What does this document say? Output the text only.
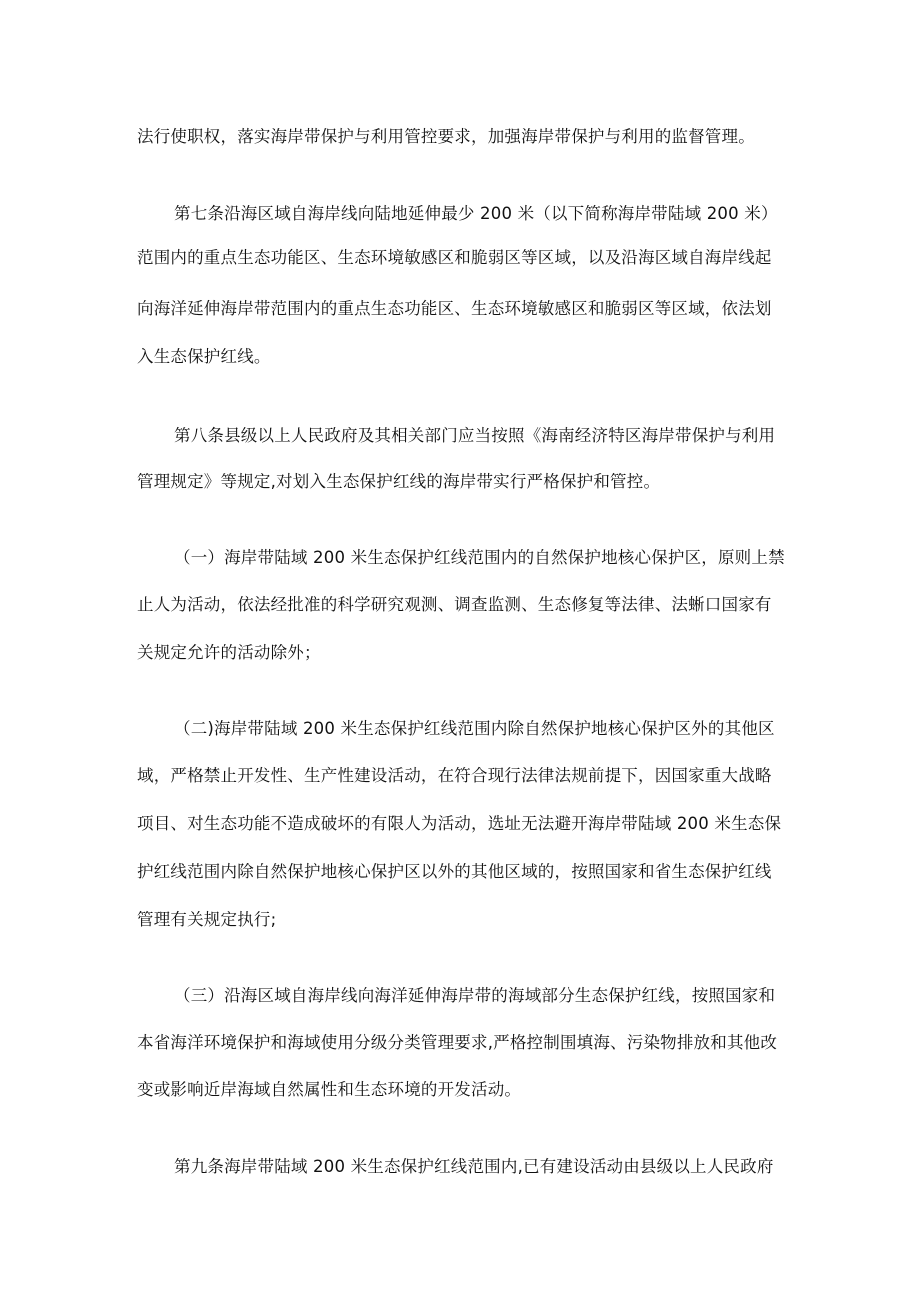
法行使职权，落实海岸带保护与利用管控要求，加强海岸带保护与利用的监督管理。
第七条沿海区域自海岸线向陆地延伸最少 200 米（以下简称海岸带陆域 200 米）
范围内的重点生态功能区、生态环境敏感区和脆弱区等区域，以及沿海区域自海岸线起
向海洋延伸海岸带范围内的重点生态功能区、生态环境敏感区和脆弱区等区域，依法划
入生态保护红线。
第八条县级以上人民政府及其相关部门应当按照《海南经济特区海岸带保护与利用
管理规定》等规定,对划入生态保护红线的海岸带实行严格保护和管控。
（一）海岸带陆域 200 米生态保护红线范围内的自然保护地核心保护区，原则上禁
止人为活动，依法经批准的科学研究观测、调查监测、生态修复等法律、法蜥口国家有
关规定允许的活动除外；
（二)海岸带陆域 200 米生态保护红线范围内除自然保护地核心保护区外的其他区
域，严格禁止开发性、生产性建设活动，在符合现行法律法规前提下，因国家重大战略
项目、对生态功能不造成破坏的有限人为活动，选址无法避开海岸带陆域 200 米生态保
护红线范围内除自然保护地核心保护区以外的其他区域的，按照国家和省生态保护红线
管理有关规定执行;
（三）沿海区域自海岸线向海洋延伸海岸带的海域部分生态保护红线，按照国家和
本省海洋环境保护和海域使用分级分类管理要求,严格控制围填海、污染物排放和其他改
变或影响近岸海域自然属性和生态环境的开发活动。
第九条海岸带陆域 200 米生态保护红线范围内,已有建设活动由县级以上人民政府
